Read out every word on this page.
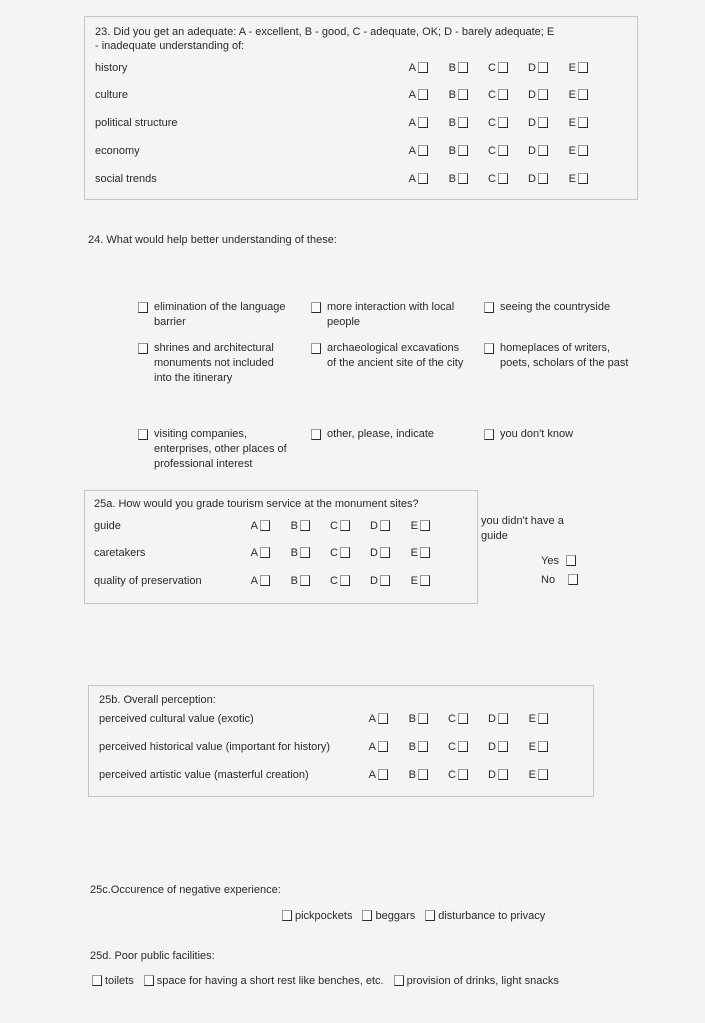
23. Did you get an adequate: A - excellent, B - good, C - adequate, OK; D - barely adequate; E
- inadequate understanding of:
history	A	B	C	D	E
culture	A	B	C	D	E
political structure	A	B	C	D	E
economy	A	B	C	D	E
social trends	A	B	C	D	E
24. What would help better understanding of these:
elimination of the language barrier
more interaction with local people
seeing the countryside
shrines and architectural monuments not included into the itinerary
archaeological excavations of the ancient site of the city
homeplaces of writers, poets, scholars of the past
visiting companies, enterprises, other places of professional interest
other, please, indicate	you don't know
25a. How would you grade tourism service at the monument sites?
guide	A	B	C	D	E
caretakers	A	B	C	D	E
quality of preservation	A	B	C	D	E
you didn't have a guide
Yes
No
25b. Overall perception:
perceived cultural value (exotic)	A	B	C	D	E
perceived historical value (important for history)	A	B	C	D	E
perceived artistic value (masterful creation)	A	B	C	D	E
25c.Occurence of negative experience:
pickpockets beggars disturbance to privacy
25d. Poor public facilities:
toilets space for having a short rest like benches, etc. provision of drinks, light snacks
